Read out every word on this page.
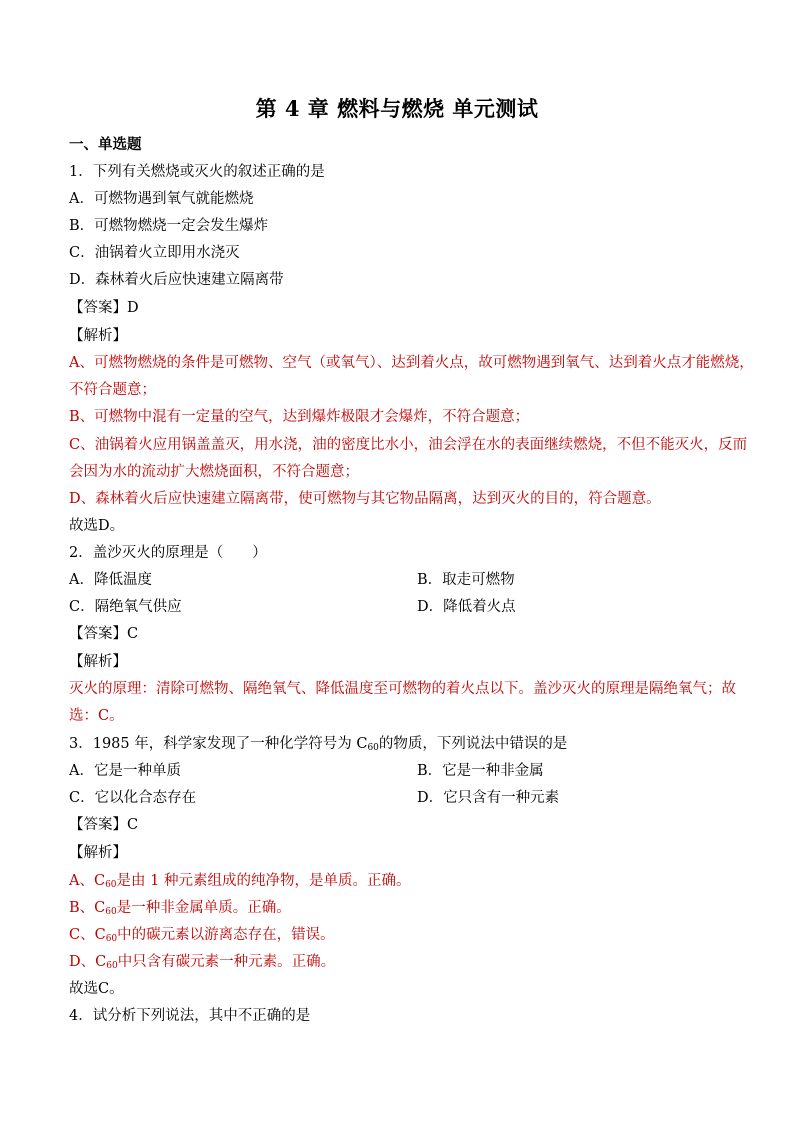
第 4 章 燃料与燃烧 单元测试
一、单选题
1．下列有关燃烧或灭火的叙述正确的是
A．可燃物遇到氧气就能燃烧
B．可燃物燃烧一定会发生爆炸
C．油锅着火立即用水浇灭
D．森林着火后应快速建立隔离带
【答案】D
【解析】
A、可燃物燃烧的条件是可燃物、空气（或氧气）、达到着火点，故可燃物遇到氧气、达到着火点才能燃烧，
不符合题意；
B、可燃物中混有一定量的空气，达到爆炸极限才会爆炸，不符合题意；
C、油锅着火应用锅盖盖灭，用水浇，油的密度比水小，油会浮在水的表面继续燃烧，不但不能灭火，反而
会因为水的流动扩大燃烧面积，不符合题意；
D、森林着火后应快速建立隔离带，使可燃物与其它物品隔离，达到灭火的目的，符合题意。
故选D。
2．盖沙灭火的原理是（　　）
A．降低温度	B．取走可燃物
C．隔绝氧气供应	D．降低着火点
【答案】C
【解析】
灭火的原理：清除可燃物、隔绝氧气、降低温度至可燃物的着火点以下。盖沙灭火的原理是隔绝氧气；故
选：C。
3．1985 年，科学家发现了一种化学符号为 $C_{60}$的物质，下列说法中错误的是
A．它是一种单质	B．它是一种非金属
C．它以化合态存在	D．它只含有一种元素
【答案】C
【解析】
A、$C_{60}$是由 1 种元素组成的纯净物，是单质。正确。
B、$C_{60}$是一种非金属单质。正确。
C、$C_{60}$中的碳元素以游离态存在，错误。
D、$C_{60}$中只含有碳元素一种元素。正确。
故选C。
4．试分析下列说法，其中不正确的是
